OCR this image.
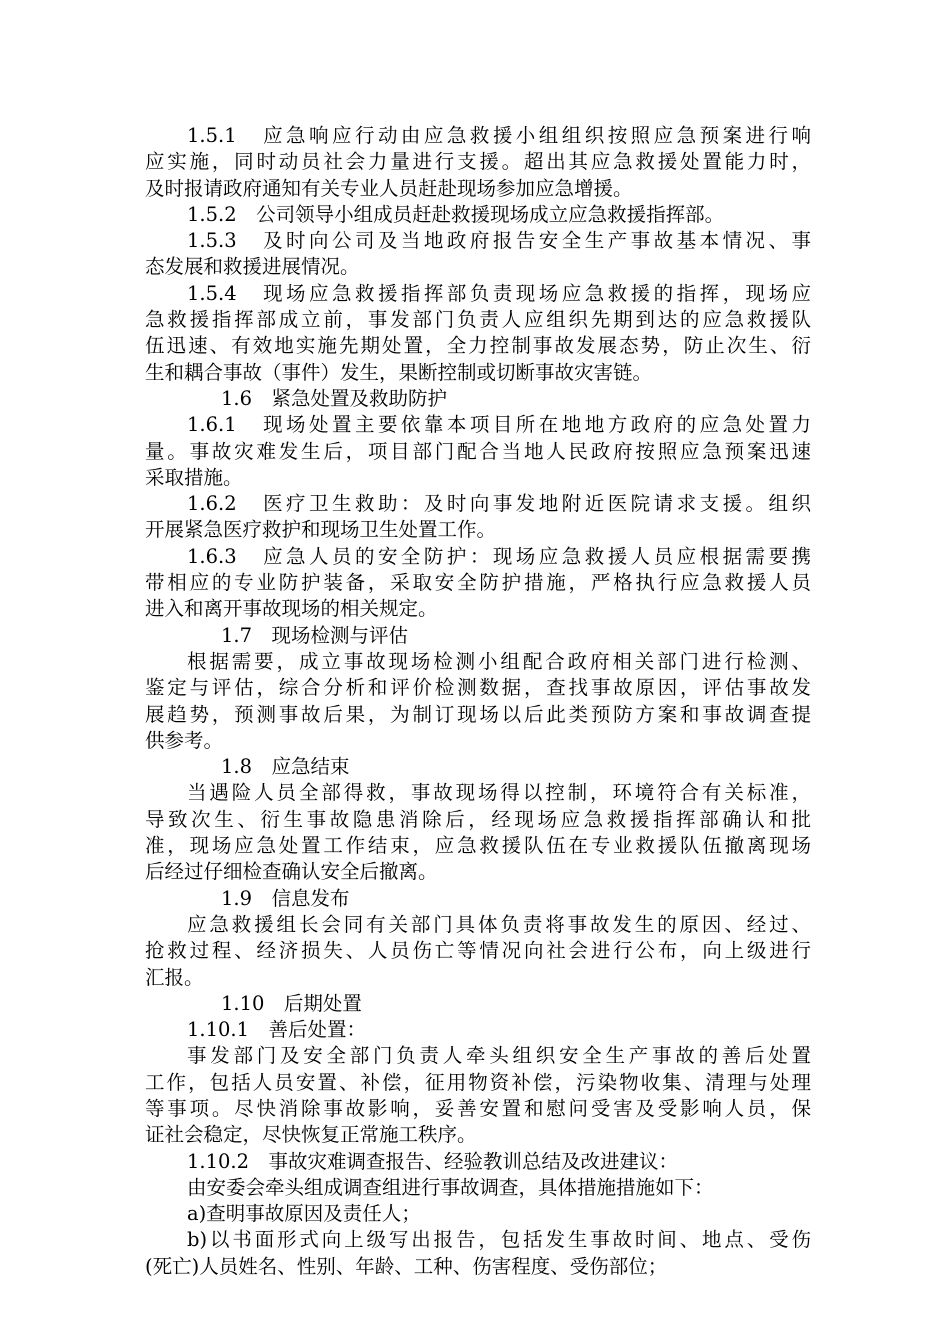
1.5.1　应急响应行动由应急救援小组组织按照应急预案进行响
应实施，同时动员社会力量进行支援。超出其应急救援处置能力时，
及时报请政府通知有关专业人员赶赴现场参加应急增援。
1.5.2　公司领导小组成员赶赴救援现场成立应急救援指挥部。
1.5.3　及时向公司及当地政府报告安全生产事故基本情况、事
态发展和救援进展情况。
1.5.4　现场应急救援指挥部负责现场应急救援的指挥，现场应
急救援指挥部成立前，事发部门负责人应组织先期到达的应急救援队
伍迅速、有效地实施先期处置，全力控制事故发展态势，防止次生、衍
生和耦合事故（事件）发生，果断控制或切断事故灾害链。
1.6　紧急处置及救助防护
1.6.1　现场处置主要依靠本项目所在地地方政府的应急处置力
量。事故灾难发生后，项目部门配合当地人民政府按照应急预案迅速
采取措施。
1.6.2　医疗卫生救助：及时向事发地附近医院请求支援。组织
开展紧急医疗救护和现场卫生处置工作。
1.6.3　应急人员的安全防护：现场应急救援人员应根据需要携
带相应的专业防护装备，采取安全防护措施，严格执行应急救援人员
进入和离开事故现场的相关规定。
1.7　现场检测与评估
根据需要，成立事故现场检测小组配合政府相关部门进行检测、
鉴定与评估，综合分析和评价检测数据，查找事故原因，评估事故发
展趋势，预测事故后果，为制订现场以后此类预防方案和事故调查提
供参考。
1.8　应急结束
当遇险人员全部得救，事故现场得以控制，环境符合有关标准，
导致次生、衍生事故隐患消除后，经现场应急救援指挥部确认和批
准，现场应急处置工作结束，应急救援队伍在专业救援队伍撤离现场
后经过仔细检查确认安全后撤离。
1.9　信息发布
应急救援组长会同有关部门具体负责将事故发生的原因、经过、
抢救过程、经济损失、人员伤亡等情况向社会进行公布，向上级进行
汇报。
1.10　后期处置
1.10.1　善后处置：
事发部门及安全部门负责人牵头组织安全生产事故的善后处置
工作，包括人员安置、补偿，征用物资补偿，污染物收集、清理与处理
等事项。尽快消除事故影响，妥善安置和慰问受害及受影响人员，保
证社会稳定，尽快恢复正常施工秩序。
1.10.2　事故灾难调查报告、经验教训总结及改进建议：
由安委会牵头组成调查组进行事故调查，具体措施措施如下：
a)查明事故原因及责任人；
b)以书面形式向上级写出报告，包括发生事故时间、地点、受伤
(死亡)人员姓名、性别、年龄、工种、伤害程度、受伤部位；
